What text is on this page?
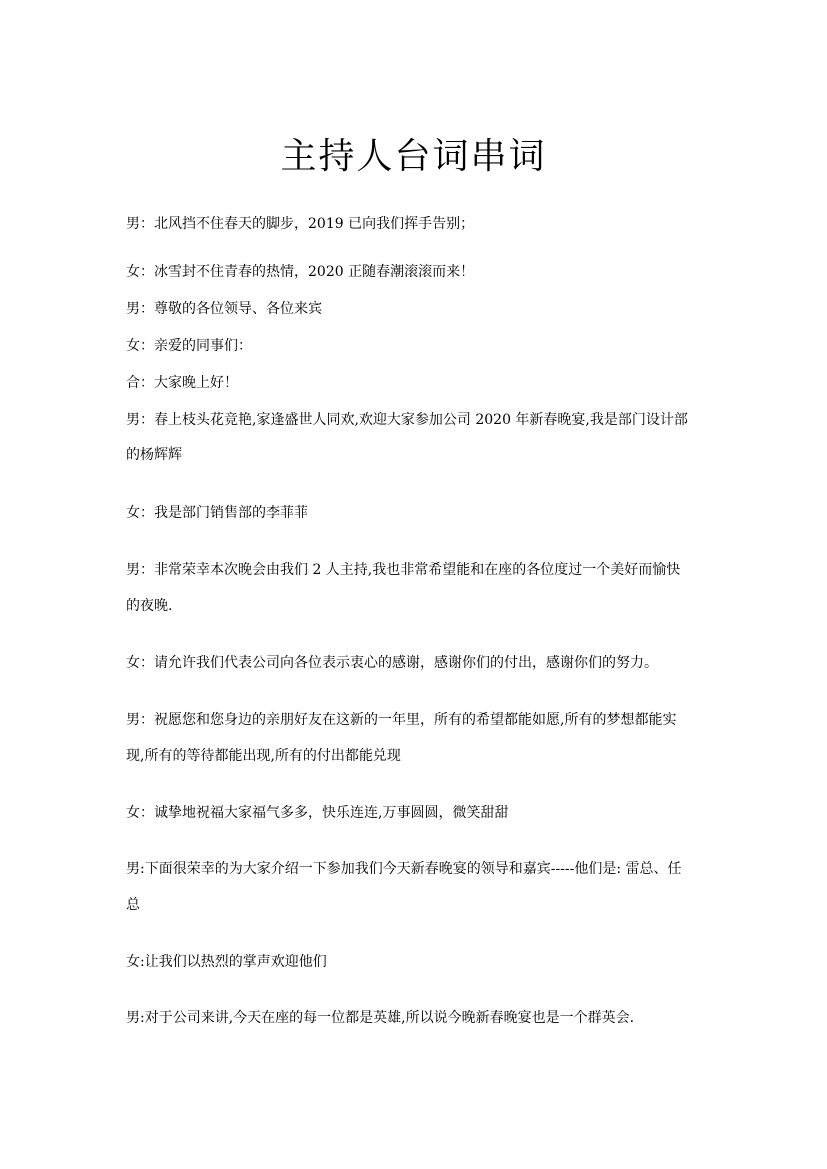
主持人台词串词
男：北风挡不住春天的脚步，2019 已向我们挥手告别；
女：冰雪封不住青春的热情，2020 正随春潮滚滚而来！
男：尊敬的各位领导、各位来宾
女：亲爱的同事们：
合：大家晚上好！
男：春上枝头花竞艳,家逢盛世人同欢,欢迎大家参加公司 2020 年新春晚宴,我是部门设计部
的杨辉辉
女：我是部门销售部的李菲菲
男：非常荣幸本次晚会由我们 2 人主持,我也非常希望能和在座的各位度过一个美好而愉快
的夜晚.
女：请允许我们代表公司向各位表示衷心的感谢，感谢你们的付出，感谢你们的努力。
男：祝愿您和您身边的亲朋好友在这新的一年里，所有的希望都能如愿,所有的梦想都能实
现,所有的等待都能出现,所有的付出都能兑现
女：诚挚地祝福大家福气多多，快乐连连,万事圆圆，微笑甜甜
男:下面很荣幸的为大家介绍一下参加我们今天新春晚宴的领导和嘉宾-----他们是: 雷总、任
总
女:让我们以热烈的掌声欢迎他们
男:对于公司来讲,今天在座的每一位都是英雄,所以说今晚新春晚宴也是一个群英会.
